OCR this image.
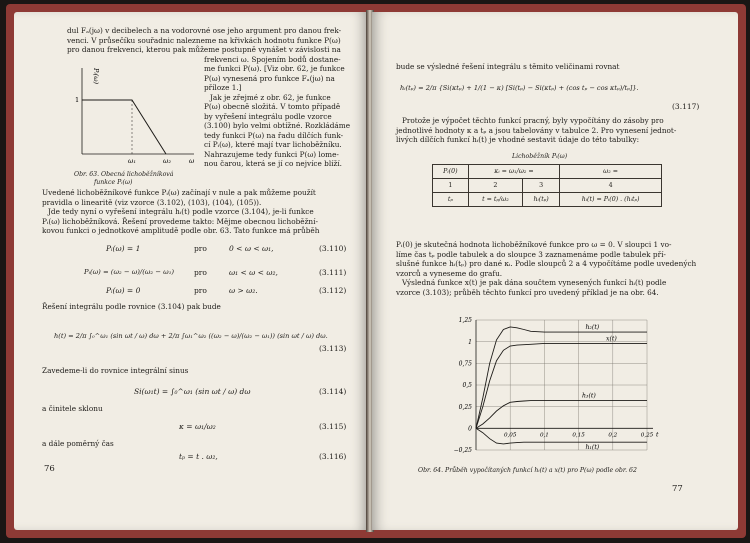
dul Fₐ(jω) v decibelech a na vodorovné ose jeho argument pro danou frek-
venci. V průsečíku souřadnic nalezneme na křivkách hodnotu funkce P(ω)
pro danou frekvenci, kterou pak můžeme postupně vynášet v závislosti na
1
ω₁	ω₂	ω
Pᵢ(ω)
Obr. 63. Obecná lichoběžníková
funkce Pᵢ(ω)
frekvenci ω. Spojením bodů dostane-
me funkci P(ω). [Viz obr. 62, je funkce
P(ω) vynesená pro funkce Fₐ(jω) na
příloze 1.]
Jak je zřejmé z obr. 62, je funkce
P(ω) obecně složitá. V tomto případě
by vyřešení integrálu podle vzorce
(3.100) bylo velmi obtížné. Rozkládáme
tedy funkci P(ω) na řadu dílčích funk-
cí Pᵢ(ω), které mají tvar lichoběžníku.
Nahrazujeme tedy funkci P(ω) lome-
nou čarou, která se jí co nejvíce blíží.
Uvedené lichoběžníkové funkce Pᵢ(ω) začínají v nule a pak můžeme použít
pravidla o linearitě (viz vzorce (3.102), (103), (104), (105)).
Jde tedy nyní o vyřešení integrálu hᵢ(t) podle vzorce (3.104), je-li funkce
Pᵢ(ω) lichoběžníková. Řešení provedeme takto: Mějme obecnou lichoběžní-
kovou funkci o jednotkové amplitudě podle obr. 63. Tato funkce má průběh
Pᵢ(ω) = 1	pro	0 < ω < ω₁,	(3.110)
Pᵢ(ω) = (ω₂ − ω)/(ω₂ − ω₁)	pro	ω₁ < ω < ω₂,	(3.111)
Pᵢ(ω) = 0	pro	ω > ω₂.	(3.112)
Řešení integrálu podle rovnice (3.104) pak bude
h(t) = 2/π ∫₀^ω₁ (sin ωt / ω) dω + 2/π ∫ω₁^ω₂ ((ω₂ − ω)/(ω₂ − ω₁)) (sin ωt / ω) dω.
(3.113)
Zavedeme-li do rovnice integrální sinus
Si(ω₁t) = ∫₀^ω₁ (sin ωt / ω) dω	(3.114)
a činitele sklonu
κ = ω₁/ω₂	(3.115)
a dále poměrný čas
tₚ = t . ω₂,	(3.116)
76
bude se výsledné řešení integrálu s těmito veličinami rovnat
hᵢ(tₚ) = 2/π {Si(κtₚ) + 1/(1 − κ) [Si(tₚ) − Si(κtₚ) + (cos tₚ − cos κtₚ)/tₚ]}.
(3.117)
Protože je výpočet těchto funkcí pracný, byly vypočítány do zásoby pro
jednotlivé hodnoty κ a tₚ a jsou tabelovány v tabulce 2. Pro vynesení jednot-
livých dílčích funkcí hᵢ(t) je vhodné sestavit údaje do této tabulky:
Lichoběžník Pᵢ(ω)
Pᵢ(0)	κᵢ = ω₁/ω₂ =		ω₂ =
1	2	3	4
tₚ	t = tₚ/ω₂	hᵢ(tₚ)	hᵢ(t) = Pᵢ(0) . (hᵢtₚ)
Pᵢ(0) je skutečná hodnota lichoběžníkové funkce pro ω = 0. V sloupci 1 vo-
líme čas tₚ podle tabulek a do sloupce 3 zaznamenáme podle tabulek pří-
slušné funkce hᵢ(tₚ) pro dané κᵢ. Podle sloupců 2 a 4 vypočítáme podle uvedených
vzorců a vyneseme do grafu.
Výsledná funkce x(t) je pak dána součtem vynesených funkcí hᵢ(t) podle
vzorce (3.103); průběh těchto funkcí pro uvedený příklad je na obr. 64.
1,25
1
0,75
0,5
0,25
0
−0,25
0,05	0,1	0,15	0,2	0,25 t
h₂(t)
x(t)
h₃(t)
h₁(t)
Obr. 64. Průběh vypočítaných funkcí hᵢ(t) a x(t) pro P(ω) podle obr. 62
77
